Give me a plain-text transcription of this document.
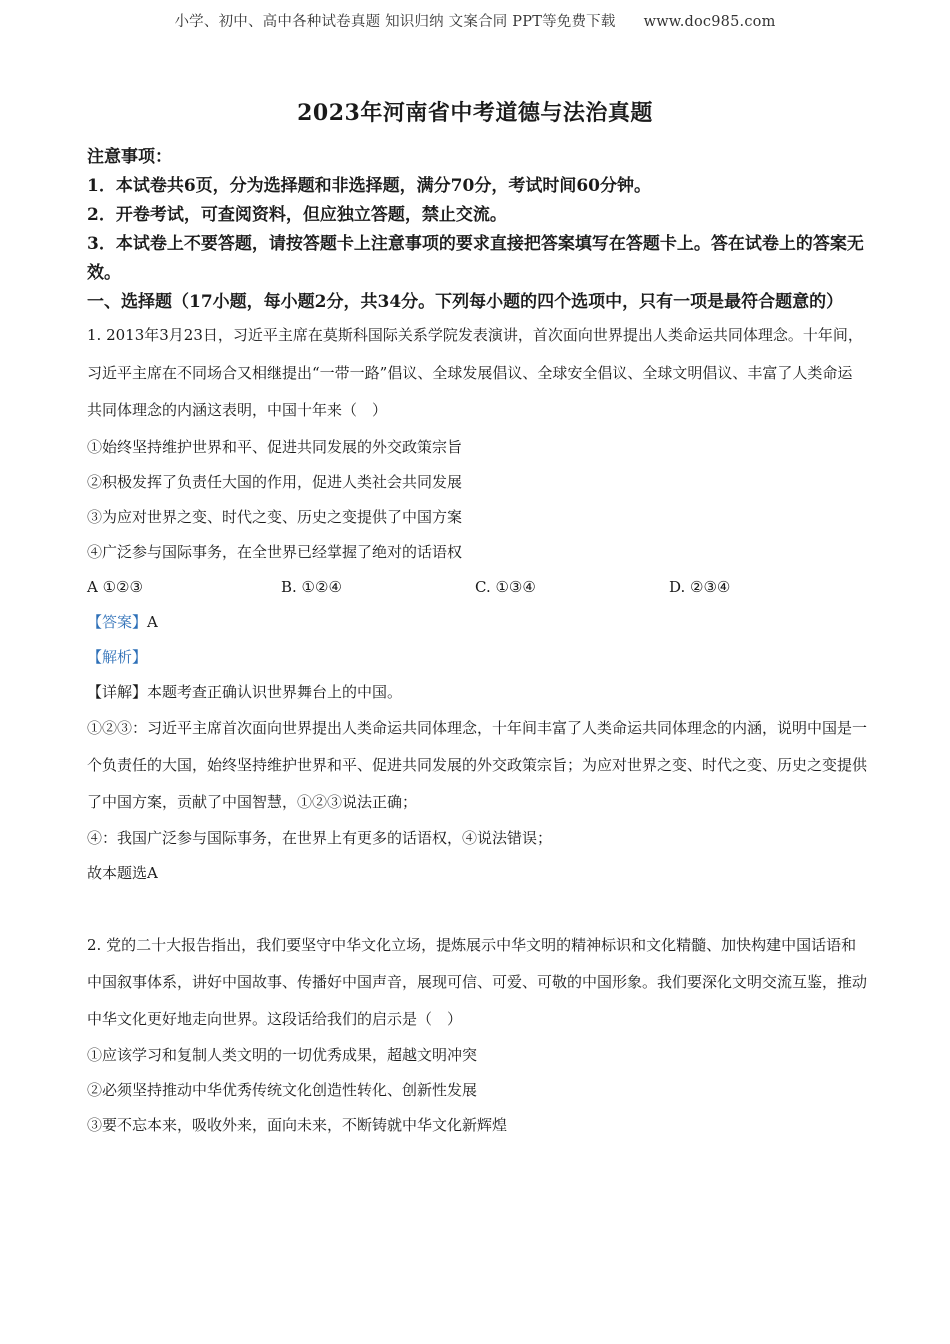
小学、初中、高中各种试卷真题 知识归纳 文案合同 PPT等免费下载 www.doc985.com
2023年河南省中考道德与法治真题

注意事项：

1．本试卷共6页，分为选择题和非选择题，满分70分，考试时间60分钟。

2．开卷考试，可查阅资料，但应独立答题，禁止交流。

3．本试卷上不要答题，请按答题卡上注意事项的要求直接把答案填写在答题卡上。答在试卷上的答案无效。

一、选择题（17小题，每小题2分，共34分。下列每小题的四个选项中，只有一项是最符合题意的）

1. 2013年3月23日，习近平主席在莫斯科国际关系学院发表演讲，首次面向世界提出人类命运共同体理念。十年间，习近平主席在不同场合又相继提出“一带一路”倡议、全球发展倡议、全球安全倡议、全球文明倡议、丰富了人类命运共同体理念的内涵这表明，中国十年来（　）

①始终坚持维护世界和平、促进共同发展的外交政策宗旨

②积极发挥了负责任大国的作用，促进人类社会共同发展

③为应对世界之变、时代之变、历史之变提供了中国方案

④广泛参与国际事务，在全世界已经掌握了绝对的话语权

A ①②③	B. ①②④	C. ①③④	D. ②③④

【答案】A

【解析】

【详解】本题考查正确认识世界舞台上的中国。

①②③：习近平主席首次面向世界提出人类命运共同体理念，十年间丰富了人类命运共同体理念的内涵，说明中国是一个负责任的大国，始终坚持维护世界和平、促进共同发展的外交政策宗旨；为应对世界之变、时代之变、历史之变提供了中国方案，贡献了中国智慧，①②③说法正确；

④：我国广泛参与国际事务，在世界上有更多的话语权，④说法错误；

故本题选A

2. 党的二十大报告指出，我们要坚守中华文化立场，提炼展示中华文明的精神标识和文化精髓、加快构建中国话语和中国叙事体系，讲好中国故事、传播好中国声音，展现可信、可爱、可敬的中国形象。我们要深化文明交流互鉴，推动中华文化更好地走向世界。这段话给我们的启示是（　）

①应该学习和复制人类文明的一切优秀成果，超越文明冲突

②必须坚持推动中华优秀传统文化创造性转化、创新性发展

③要不忘本来，吸收外来，面向未来，不断铸就中华文化新辉煌
